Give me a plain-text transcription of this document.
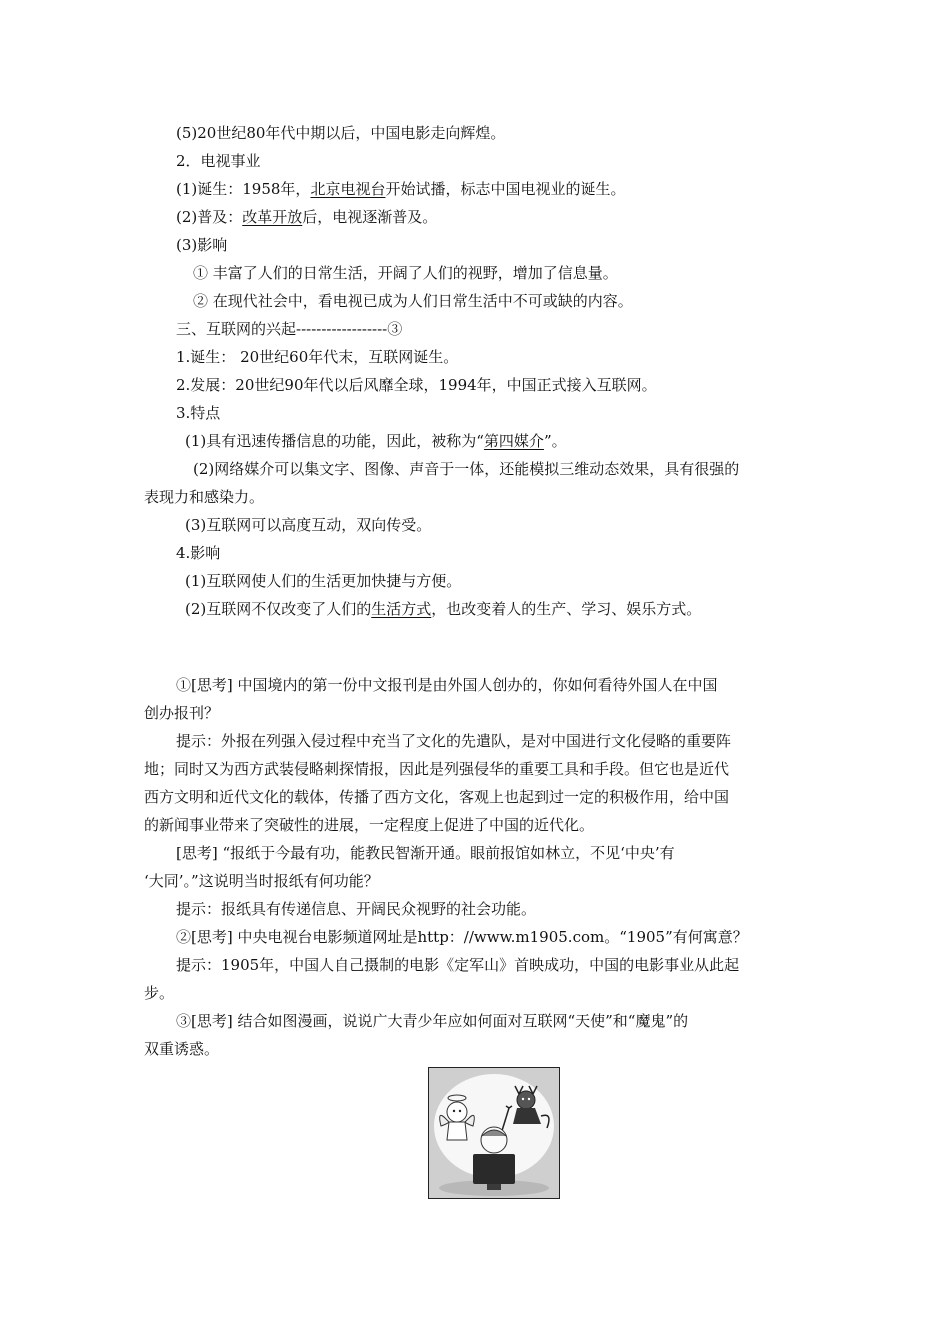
(5)20世纪80年代中期以后，中国电影走向辉煌。
2．电视事业
(1)诞生：1958年，北京电视台开始试播，标志中国电视业的诞生。
(2)普及：改革开放后，电视逐渐普及。
(3)影响
① 丰富了人们的日常生活，开阔了人们的视野，增加了信息量。
② 在现代社会中，看电视已成为人们日常生活中不可或缺的内容。
三、互联网的兴起------------------③
1.诞生： 20世纪60年代末，互联网诞生。
2.发展：20世纪90年代以后风靡全球，1994年，中国正式接入互联网。
3.特点
(1)具有迅速传播信息的功能，因此，被称为“第四媒介”。
(2)网络媒介可以集文字、图像、声音于一体，还能模拟三维动态效果，具有很强的
表现力和感染力。
(3)互联网可以高度互动，双向传受。
4.影响
(1)互联网使人们的生活更加快捷与方便。
(2)互联网不仅改变了人们的生活方式，也改变着人的生产、学习、娱乐方式。
①[思考] 中国境内的第一份中文报刊是由外国人创办的，你如何看待外国人在中国
创办报刊？
提示：外报在列强入侵过程中充当了文化的先遣队，是对中国进行文化侵略的重要阵
地；同时又为西方武装侵略刺探情报，因此是列强侵华的重要工具和手段。但它也是近代
西方文明和近代文化的载体，传播了西方文化，客观上也起到过一定的积极作用，给中国
的新闻事业带来了突破性的进展，一定程度上促进了中国的近代化。
[思考] “报纸于今最有功，能教民智渐开通。眼前报馆如林立，不见‘中央’有
‘大同’。”这说明当时报纸有何功能？
提示：报纸具有传递信息、开阔民众视野的社会功能。
②[思考] 中央电视台电影频道网址是http：//www.m1905.com。“1905”有何寓意？
提示：1905年，中国人自己摄制的电影《定军山》首映成功，中国的电影事业从此起
步。
③[思考] 结合如图漫画，说说广大青少年应如何面对互联网“天使”和“魔鬼”的
双重诱惑。
